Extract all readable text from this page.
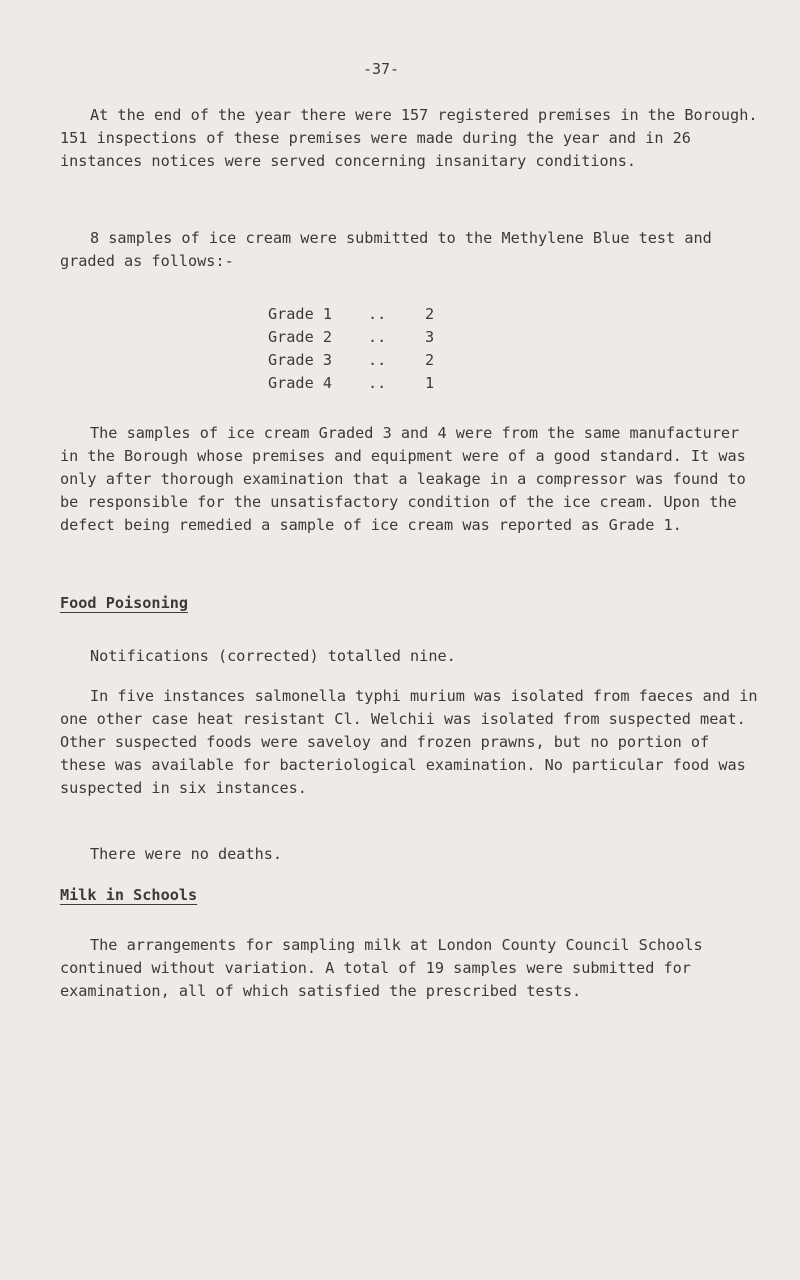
-37-

At the end of the year there were 157 registered premises in the Borough. 151 inspections of these premises were made during the year and in 26 instances notices were served concerning insanitary conditions.

8 samples of ice cream were submitted to the Methylene Blue test and graded as follows:-

Grade 1	..	2
Grade 2	..	3
Grade 3	..	2
Grade 4	..	1

The samples of ice cream Graded 3 and 4 were from the same manufacturer in the Borough whose premises and equipment were of a good standard. It was only after thorough examination that a leakage in a compressor was found to be responsible for the unsatisfactory condition of the ice cream. Upon the defect being remedied a sample of ice cream was reported as Grade 1.

Food Poisoning

Notifications (corrected) totalled nine.

In five instances salmonella typhi murium was isolated from faeces and in one other case heat resistant Cl. Welchii was isolated from suspected meat. Other suspected foods were saveloy and frozen prawns, but no portion of these was available for bacteriological examination. No particular food was suspected in six instances.

There were no deaths.

Milk in Schools

The arrangements for sampling milk at London County Council Schools continued without variation. A total of 19 samples were submitted for examination, all of which satisfied the prescribed tests.
